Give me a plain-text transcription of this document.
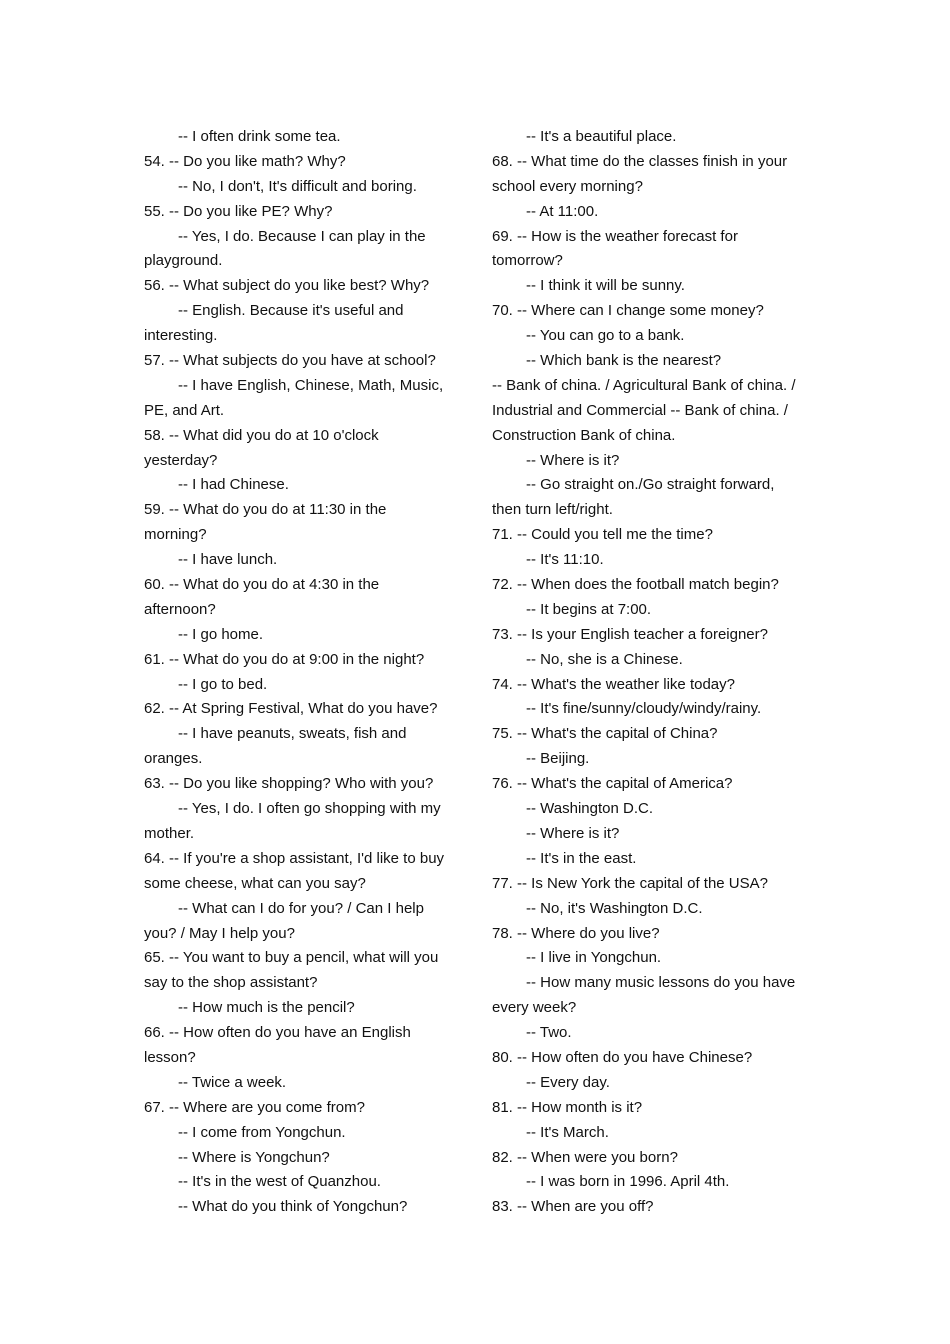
-- I often drink some tea.
54. -- Do you like math? Why?
-- No, I don't, It's difficult and boring.
55. -- Do you like PE? Why?
-- Yes, I do. Because I can play in the
playground.
56. -- What subject do you like best? Why?
-- English. Because it's useful and
interesting.
57. -- What subjects do you have at school?
-- I have English, Chinese, Math, Music,
PE, and Art.
58. -- What did you do at 10 o'clock
yesterday?
-- I had Chinese.
59. -- What do you do at 11:30 in the
morning?
-- I have lunch.
60. -- What do you do at 4:30 in the
afternoon?
-- I go home.
61. -- What do you do at 9:00 in the night?
-- I go to bed.
62. -- At Spring Festival, What do you have?
-- I have peanuts, sweats, fish and
oranges.
63. -- Do you like shopping? Who with you?
-- Yes, I do. I often go shopping with my
mother.
64. -- If you're a shop assistant, I'd like to buy
some cheese, what can you say?
-- What can I do for you? / Can I help
you? / May I help you?
65. -- You want to buy a pencil, what will you
say to the shop assistant?
-- How much is the pencil?
66. -- How often do you have an English
lesson?
-- Twice a week.
67. -- Where are you come from?
-- I come from Yongchun.
-- Where is Yongchun?
-- It's in the west of Quanzhou.
-- What do you think of Yongchun?
-- It's a beautiful place.
68. -- What time do the classes finish in your
school every morning?
-- At 11:00.
69. -- How is the weather forecast for
tomorrow?
-- I think it will be sunny.
70. -- Where can I change some money?
-- You can go to a bank.
-- Which bank is the nearest?
-- Bank of china. / Agricultural Bank of china. /
Industrial and Commercial -- Bank of china. /
Construction Bank of china.
-- Where is it?
-- Go straight on./Go straight forward,
then turn left/right.
71. -- Could you tell me the time?
-- It's 11:10.
72. -- When does the football match begin?
-- It begins at 7:00.
73. -- Is your English teacher a foreigner?
-- No, she is a Chinese.
74. -- What's the weather like today?
-- It's fine/sunny/cloudy/windy/rainy.
75. -- What's the capital of China?
-- Beijing.
76. -- What's the capital of America?
-- Washington D.C.
-- Where is it?
-- It's in the east.
77. -- Is New York the capital of the USA?
-- No, it's Washington D.C.
78. -- Where do you live?
-- I live in Yongchun.
-- How many music lessons do you have
every week?
-- Two.
80. -- How often do you have Chinese?
-- Every day.
81. -- How month is it?
-- It's March.
82. -- When were you born?
-- I was born in 1996. April 4th.
83. -- When are you off?
